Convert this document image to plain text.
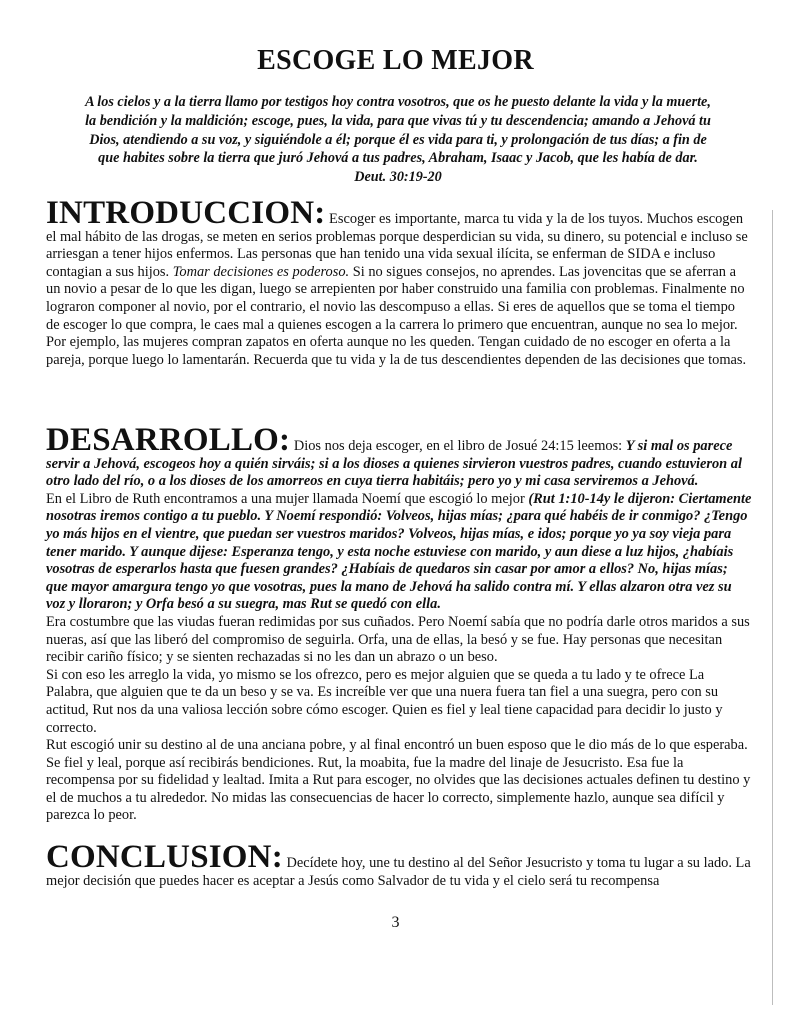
ESCOGE LO MEJOR
A los cielos y a la tierra llamo por testigos hoy contra vosotros, que os he puesto delante la vida y la muerte, la bendición y la maldición; escoge, pues, la vida, para que vivas tú y tu descendencia; amando a Jehová tu Dios, atendiendo a su voz, y siguiéndole a él; porque él es vida para ti, y prolongación de tus días; a fin de que habites sobre la tierra que juró Jehová a tus padres, Abraham, Isaac y Jacob, que les había de dar. Deut. 30:19-20

INTRODUCCION: Escoger es importante, marca tu vida y la de los tuyos. Muchos escogen el mal hábito de las drogas, se meten en serios problemas porque desperdician su vida, su dinero, su potencial e incluso se arriesgan a tener hijos enfermos. Las personas que han tenido una vida sexual ilícita, se enferman de SIDA e incluso contagian a sus hijos. Tomar decisiones es poderoso. Si no sigues consejos, no aprendes. Las jovencitas que se aferran a un novio a pesar de lo que les digan, luego se arrepienten por haber construido una familia con problemas. Finalmente no lograron componer al novio, por el contrario, el novio las descompuso a ellas. Si eres de aquellos que se toma el tiempo de escoger lo que compra, le caes mal a quienes escogen a la carrera lo primero que encuentran, aunque no sea lo mejor. Por ejemplo, las mujeres compran zapatos en oferta aunque no les queden. Tengan cuidado de no escoger en oferta a la pareja, porque luego lo lamentarán. Recuerda que tu vida y la de tus descendientes dependen de las decisiones que tomas.

DESARROLLO: Dios nos deja escoger, en el libro de Josué 24:15 leemos: Y si mal os parece servir a Jehová, escogeos hoy a quién sirváis; si a los dioses a quienes sirvieron vuestros padres, cuando estuvieron al otro lado del río, o a los dioses de los amorreos en cuya tierra habitáis; pero yo y mi casa serviremos a Jehová.

En el Libro de Ruth encontramos a una mujer llamada Noemí que escogió lo mejor (Rut 1:10-14y le dijeron: Ciertamente nosotras iremos contigo a tu pueblo. Y Noemí respondió: Volveos, hijas mías; ¿para qué habéis de ir conmigo? ¿Tengo yo más hijos en el vientre, que puedan ser vuestros maridos? Volveos, hijas mías, e idos; porque yo ya soy vieja para tener marido. Y aunque dijese: Esperanza tengo, y esta noche estuviese con marido, y aun diese a luz hijos, ¿habíais vosotras de esperarlos hasta que fuesen grandes? ¿Habíais de quedaros sin casar por amor a ellos? No, hijas mías; que mayor amargura tengo yo que vosotras, pues la mano de Jehová ha salido contra mí. Y ellas alzaron otra vez su voz y lloraron; y Orfa besó a su suegra, mas Rut se quedó con ella.

Era costumbre que las viudas fueran redimidas por sus cuñados. Pero Noemí sabía que no podría darle otros maridos a sus nueras, así que las liberó del compromiso de seguirla. Orfa, una de ellas, la besó y se fue. Hay personas que necesitan recibir cariño físico; y se sienten rechazadas si no les dan un abrazo o un beso.

Si con eso les arreglo la vida, yo mismo se los ofrezco, pero es mejor alguien que se queda a tu lado y te ofrece La Palabra, que alguien que te da un beso y se va. Es increíble ver que una nuera fuera tan fiel a una suegra, pero con su actitud, Rut nos da una valiosa lección sobre cómo escoger. Quien es fiel y leal tiene capacidad para decidir lo justo y correcto.

Rut escogió unir su destino al de una anciana pobre, y al final encontró un buen esposo que le dio más de lo que esperaba. Se fiel y leal, porque así recibirás bendiciones. Rut, la moabita, fue la madre del linaje de Jesucristo. Esa fue la recompensa por su fidelidad y lealtad. Imita a Rut para escoger, no olvides que las decisiones actuales definen tu destino y el de muchos a tu alrededor. No midas las consecuencias de hacer lo correcto, simplemente hazlo, aunque sea difícil y parezca lo peor.

CONCLUSION: Decídete hoy, une tu destino al del Señor Jesucristo y toma tu lugar a su lado. La mejor decisión que puedes hacer es aceptar a Jesús como Salvador de tu vida y el cielo será tu recompensa

3
